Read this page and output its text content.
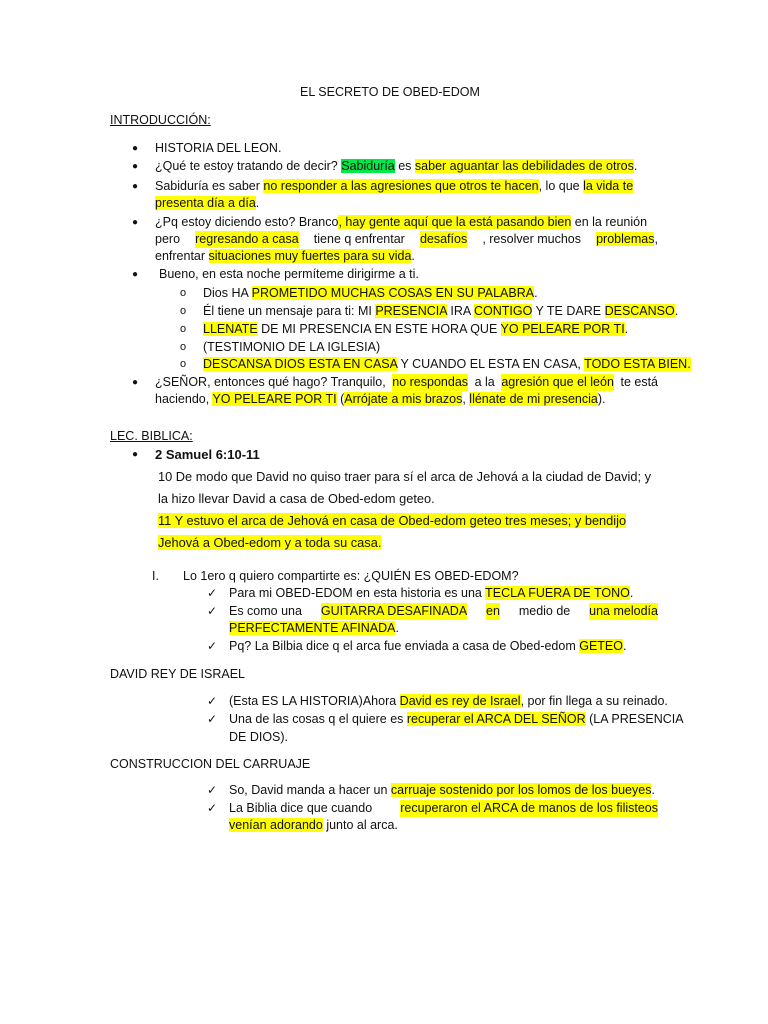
EL SECRETO DE OBED-EDOM
INTRODUCCIÓN:
● HISTORIA DEL LEON.
● ¿Qué te estoy tratando de decir? Sabiduría es saber aguantar las debilidades de otros.
● Sabiduría es saber no responder a las agresiones que otros te hacen, lo que la vida te
presenta día a día.
● ¿Pq estoy diciendo esto? Branco, hay gente aquí que la está pasando bien en la reunión
pero regresando a casa tiene q enfrentar desafíos , resolver muchos problemas,
enfrentar situaciones muy fuertes para su vida.
● Bueno, en esta noche permíteme dirigirme a ti.
o Dios HA PROMETIDO MUCHAS COSAS EN SU PALABRA.
o Él tiene un mensaje para ti: MI PRESENCIA IRA CONTIGO Y TE DARE DESCANSO.
o LLENATE DE MI PRESENCIA EN ESTE HORA QUE YO PELEARE POR TI.
o (TESTIMONIO DE LA IGLESIA)
o DESCANSA DIOS ESTA EN CASA Y CUANDO EL ESTA EN CASA, TODO ESTA BIEN.
● ¿SEÑOR, entonces qué hago? Tranquilo, no respondas a la agresión que el león te está
haciendo, YO PELEARE POR TI (Arrójate a mis brazos, llénate de mi presencia).
LEC. BIBLICA:
● 2 Samuel 6:10-11
10 De modo que David no quiso traer para sí el arca de Jehová a la ciudad de David; y
la hizo llevar David a casa de Obed-edom geteo.
11 Y estuvo el arca de Jehová en casa de Obed-edom geteo tres meses; y bendijo
Jehová a Obed-edom y a toda su casa.
I. Lo 1ero q quiero compartirte es: ¿QUIÉN ES OBED-EDOM?
✓ Para mi OBED-EDOM en esta historia es una TECLA FUERA DE TONO.
✓ Es como una GUITARRA DESAFINADA en medio de una melodía
PERFECTAMENTE AFINADA.
✓ Pq? La Bilbia dice q el arca fue enviada a casa de Obed-edom GETEO.
DAVID REY DE ISRAEL
✓ (Esta ES LA HISTORIA)Ahora David es rey de Israel, por fin llega a su reinado.
✓ Una de las cosas q el quiere es recuperar el ARCA DEL SEÑOR (LA PRESENCIA
DE DIOS).
CONSTRUCCION DEL CARRUAJE
✓ So, David manda a hacer un carruaje sostenido por los lomos de los bueyes.
✓ La Biblia dice que cuando recuperaron el ARCA de manos de los filisteos
venían adorando junto al arca.
